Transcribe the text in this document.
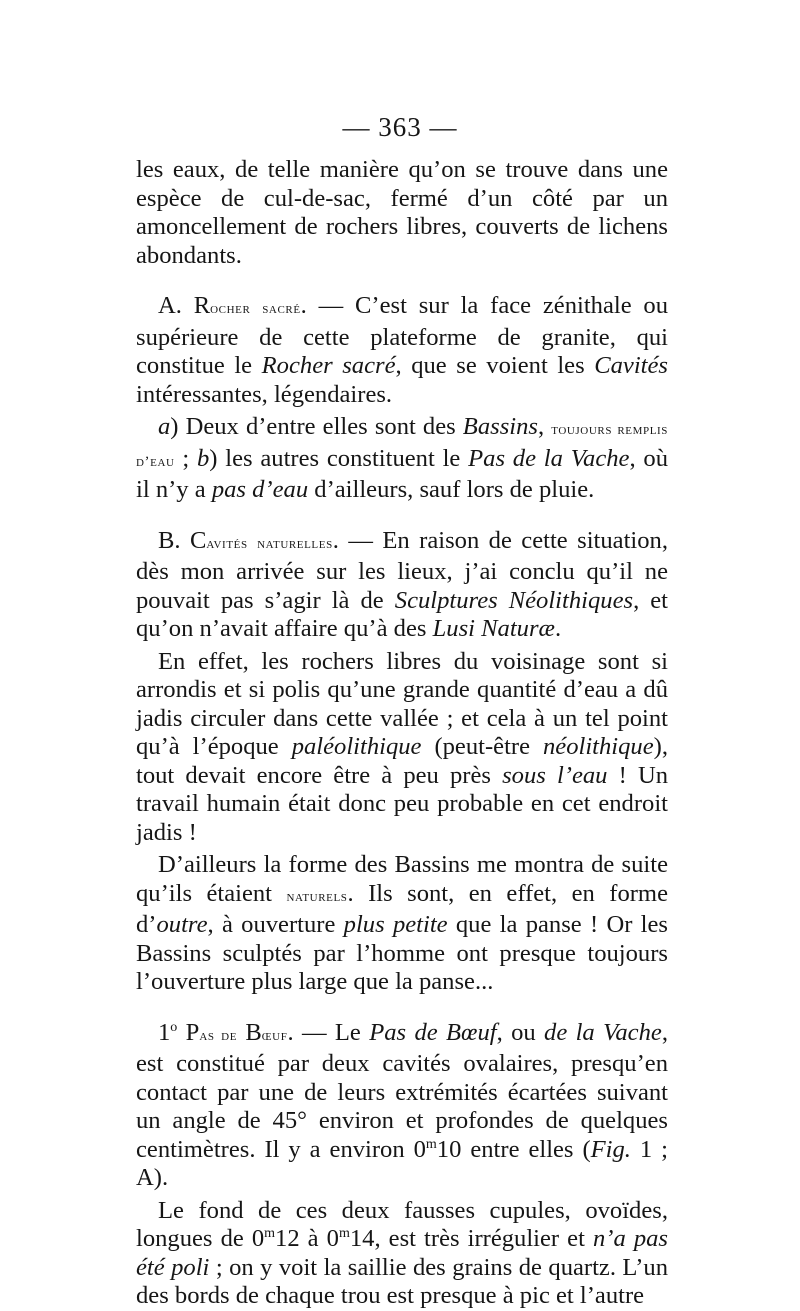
— 363 —

les eaux, de telle manière qu’on se trouve dans une espèce de cul-de-sac, fermé d’un côté par un amoncellement de rochers libres, couverts de lichens abondants.

A. Rocher sacré. — C’est sur la face zénithale ou supérieure de cette plateforme de granite, qui constitue le Rocher sacré, que se voient les Cavités intéressantes, légendaires.

a) Deux d’entre elles sont des Bassins, toujours remplis d’eau ; b) les autres constituent le Pas de la Vache, où il n’y a pas d’eau d’ailleurs, sauf lors de pluie.

B. Cavités naturelles. — En raison de cette situation, dès mon arrivée sur les lieux, j’ai conclu qu’il ne pouvait pas s’agir là de Sculptures Néolithiques, et qu’on n’avait affaire qu’à des Lusi Naturæ.

En effet, les rochers libres du voisinage sont si arrondis et si polis qu’une grande quantité d’eau a dû jadis circuler dans cette vallée ; et cela à un tel point qu’à l’époque paléolithique (peut-être néolithique), tout devait encore être à peu près sous l’eau ! Un travail humain était donc peu probable en cet endroit jadis !

D’ailleurs la forme des Bassins me montra de suite qu’ils étaient naturels. Ils sont, en effet, en forme d’outre, à ouverture plus petite que la panse ! Or les Bassins sculptés par l’homme ont presque toujours l’ouverture plus large que la panse...

1$^o$ Pas de Bœuf. — Le Pas de Bœuf, ou de la Vache, est constitué par deux cavités ovalaires, presqu’en contact par une de leurs extrémités écartées suivant un angle de 45° environ et profondes de quelques centimètres. Il y a environ 0$^m$10 entre elles (Fig. 1 ; A).

Le fond de ces deux fausses cupules, ovoïdes, longues de 0$^m$12 à 0$^m$14, est très irrégulier et n’a pas été poli ; on y voit la saillie des grains de quartz. L’un des bords de chaque trou est presque à pic et l’autre
